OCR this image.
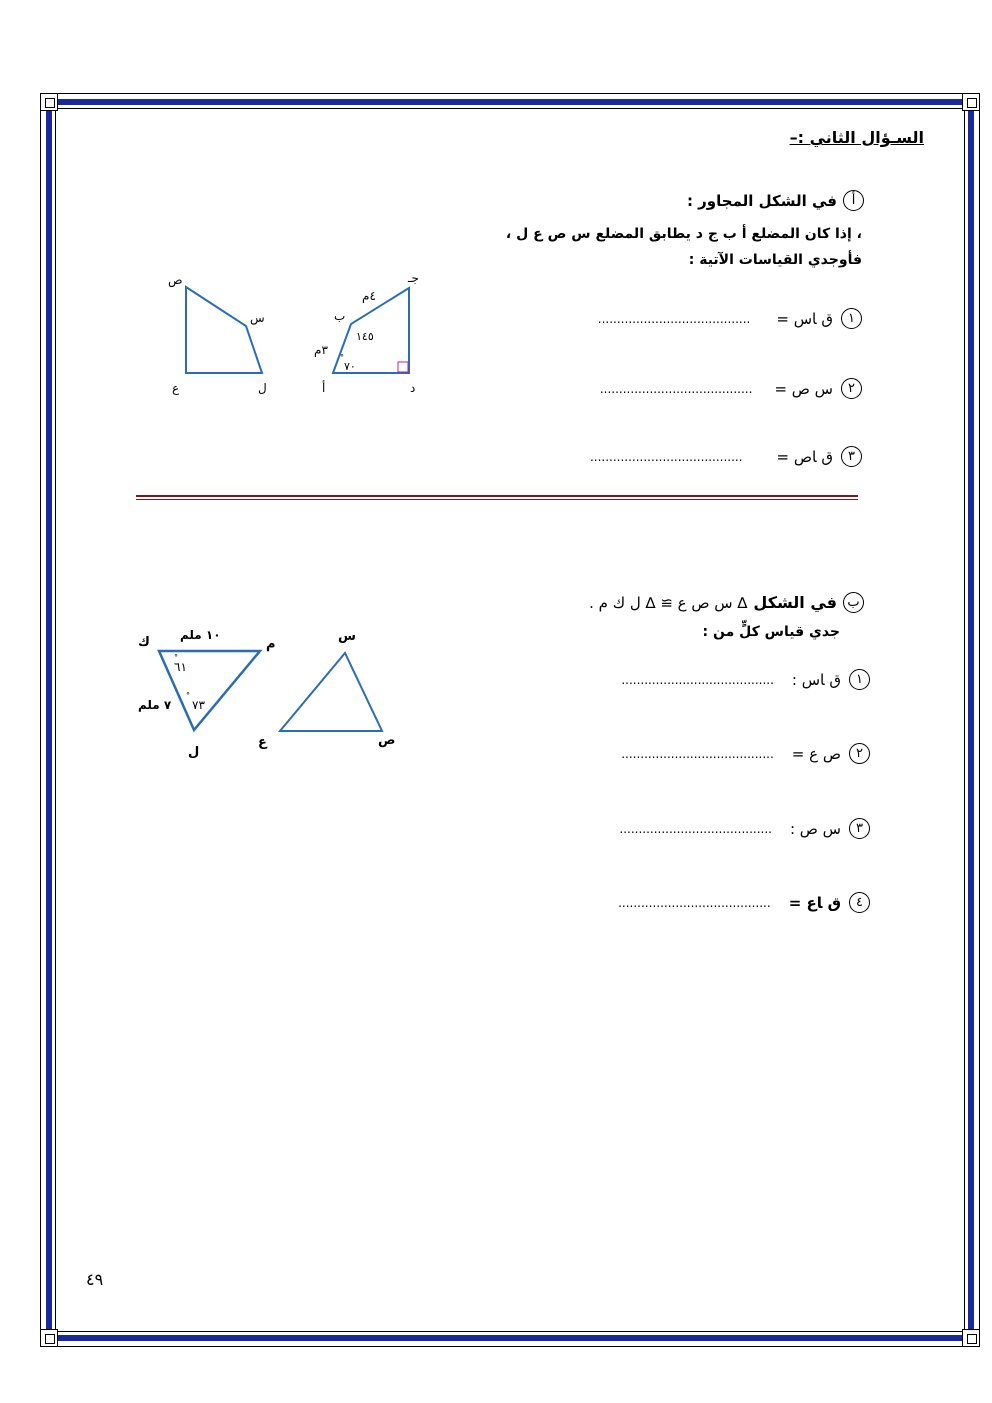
السـؤال الثاني :–
أ
في الشكل المجاور :
، إذا كان المضلع أ ب ج د يطابق المضلع س ص ع ل ،
فأوجدي القياسات الآتية :
١
ق ﺎس =
........................................
٢
س ص =
........................................
٣
ق ﺎص =
........................................
ص
س
ع	ل
جـ
ب
أ	د
٤م
٣م
١٤٥
٧٠
°
ب
في الشكل
∆ س ص ع ≅ ∆ ل ك م .
جدي قياس كلٍّ من :
١
ق ﺎس :
........................................
٢
ص ع =
........................................
٣
س ص :
........................................
٤
ق ﺎع =
........................................
ك	م
ل
١٠ ملم
٧ ملم
٦١
°
٧٣
°
س
ع	ص
٤٩
